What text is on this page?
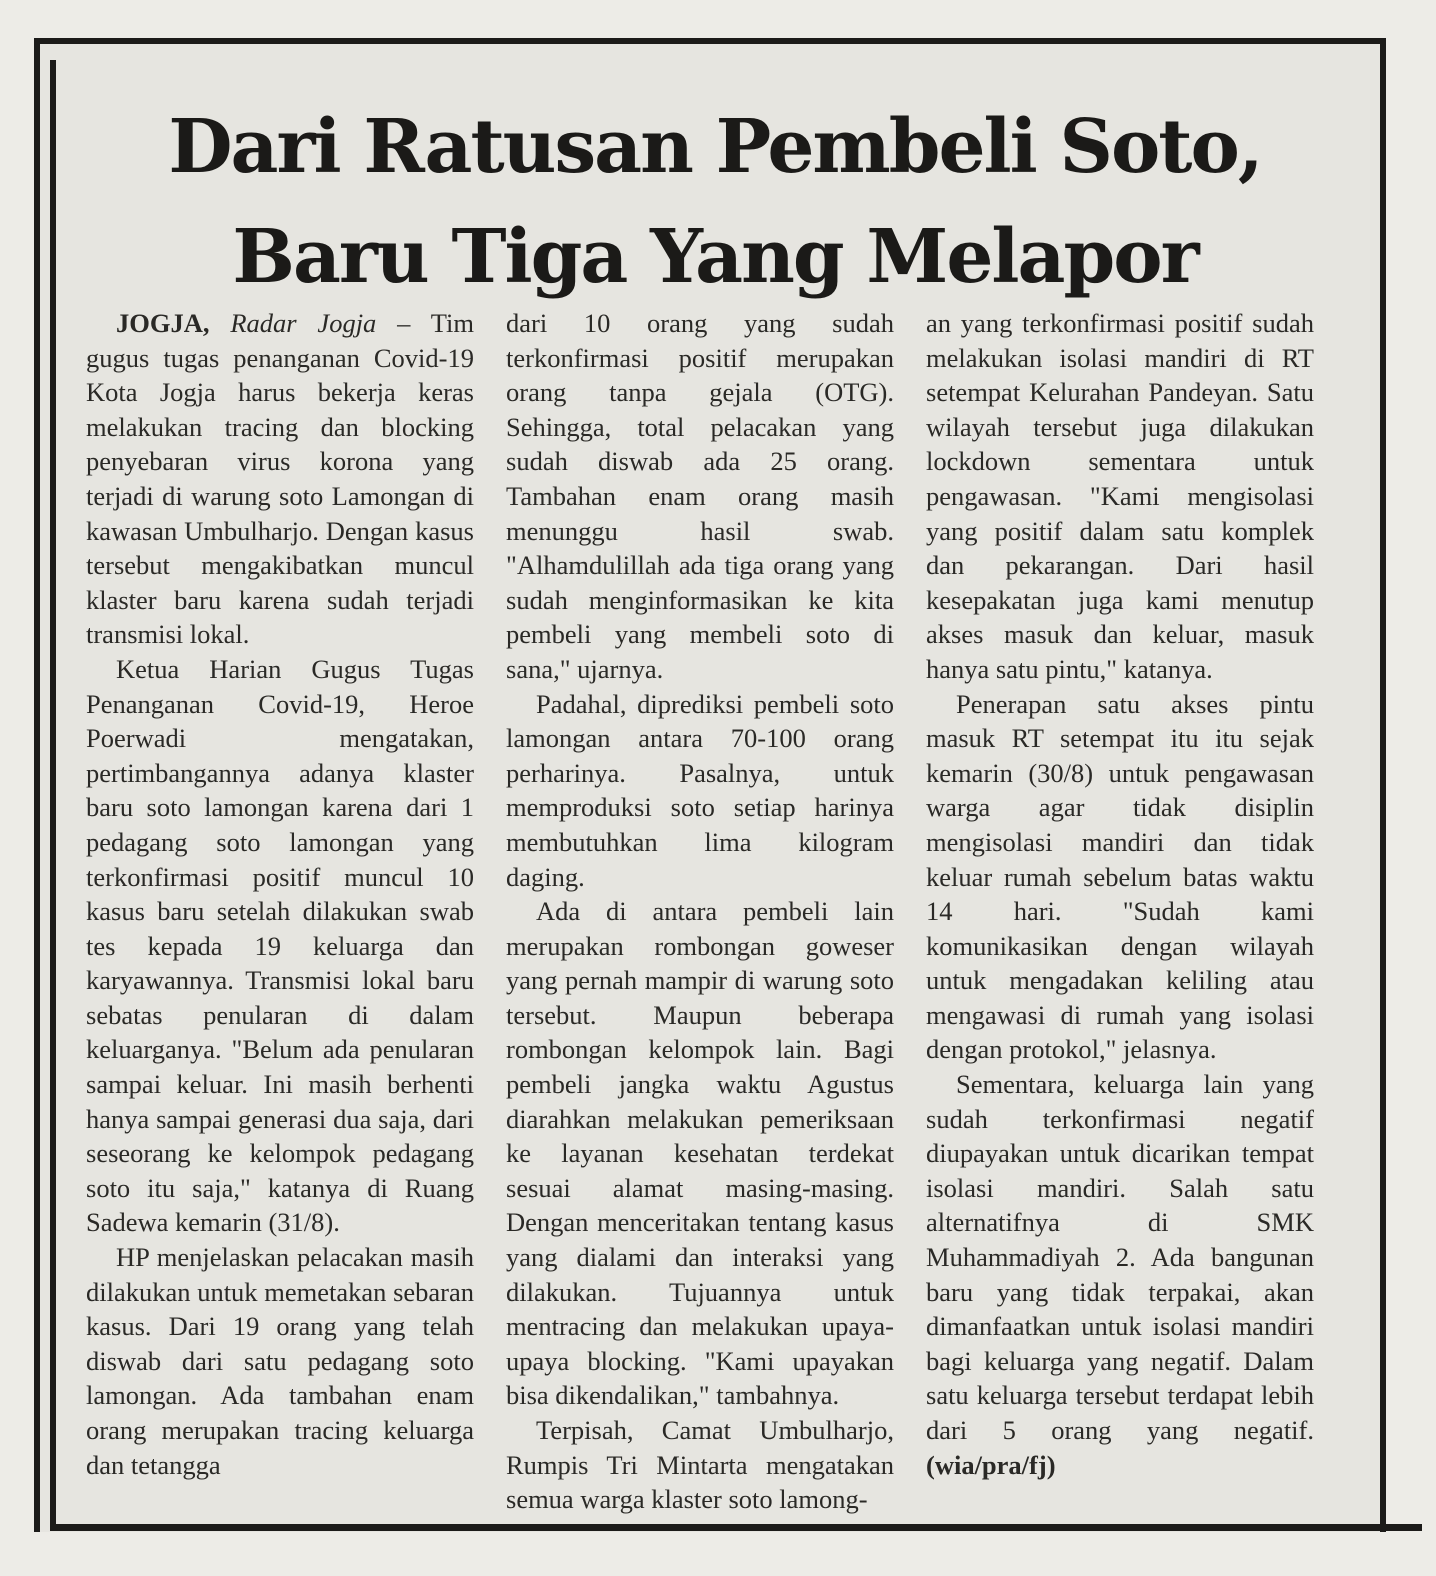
Dari Ratusan Pembeli Soto,
Baru Tiga Yang Melapor

JOGJA, Radar Jogja – Tim gugus tugas penanganan Covid-19 Kota Jogja harus bekerja keras melakukan tracing dan blocking penyebaran virus korona yang terjadi di warung soto Lamongan di kawasan Umbulharjo. Dengan kasus tersebut mengakibatkan muncul klaster baru karena sudah terjadi transmisi lokal.

Ketua Harian Gugus Tugas Penanganan Covid-19, Heroe Poerwadi mengatakan, pertimbangannya adanya klaster baru soto lamongan karena dari 1 pedagang soto lamongan yang terkonfirmasi positif muncul 10 kasus baru setelah dilakukan swab tes kepada 19 keluarga dan karyawannya. Transmisi lokal baru sebatas penularan di dalam keluarganya. "Belum ada penularan sampai keluar. Ini masih berhenti hanya sampai generasi dua saja, dari seseorang ke kelompok pedagang soto itu saja," katanya di Ruang Sadewa kemarin (31/8).

HP menjelaskan pelacakan masih dilakukan untuk memetakan sebaran kasus. Dari 19 orang yang telah diswab dari satu pedagang soto lamongan. Ada tambahan enam orang merupakan tracing keluarga dan tetangga

dari 10 orang yang sudah terkonfirmasi positif merupakan orang tanpa gejala (OTG). Sehingga, total pelacakan yang sudah diswab ada 25 orang. Tambahan enam orang masih menunggu hasil swab. "Alhamdulillah ada tiga orang yang sudah menginformasikan ke kita pembeli yang membeli soto di sana," ujarnya.

Padahal, diprediksi pembeli soto lamongan antara 70-100 orang perharinya. Pasalnya, untuk memproduksi soto setiap harinya membutuhkan lima kilogram daging.

Ada di antara pembeli lain merupakan rombongan goweser yang pernah mampir di warung soto tersebut. Maupun beberapa rombongan kelompok lain. Bagi pembeli jangka waktu Agustus diarahkan melakukan pemeriksaan ke layanan kesehatan terdekat sesuai alamat masing-masing. Dengan menceritakan tentang kasus yang dialami dan interaksi yang dilakukan. Tujuannya untuk mentracing dan melakukan upaya-upaya blocking. "Kami upayakan bisa dikendalikan," tambahnya.

Terpisah, Camat Umbulharjo, Rumpis Tri Mintarta mengatakan semua warga klaster soto lamong-

an yang terkonfirmasi positif sudah melakukan isolasi mandiri di RT setempat Kelurahan Pandeyan. Satu wilayah tersebut juga dilakukan lockdown sementara untuk pengawasan. "Kami mengisolasi yang positif dalam satu komplek dan pekarangan. Dari hasil kesepakatan juga kami menutup akses masuk dan keluar, masuk hanya satu pintu," katanya.

Penerapan satu akses pintu masuk RT setempat itu itu sejak kemarin (30/8) untuk pengawasan warga agar tidak disiplin mengisolasi mandiri dan tidak keluar rumah sebelum batas waktu 14 hari. "Sudah kami komunikasikan dengan wilayah untuk mengadakan keliling atau mengawasi di rumah yang isolasi dengan protokol," jelasnya.

Sementara, keluarga lain yang sudah terkonfirmasi negatif diupayakan untuk dicarikan tempat isolasi mandiri. Salah satu alternatifnya di SMK Muhammadiyah 2. Ada bangunan baru yang tidak terpakai, akan dimanfaatkan untuk isolasi mandiri bagi keluarga yang negatif. Dalam satu keluarga tersebut terdapat lebih dari 5 orang yang negatif. (wia/pra/fj)
